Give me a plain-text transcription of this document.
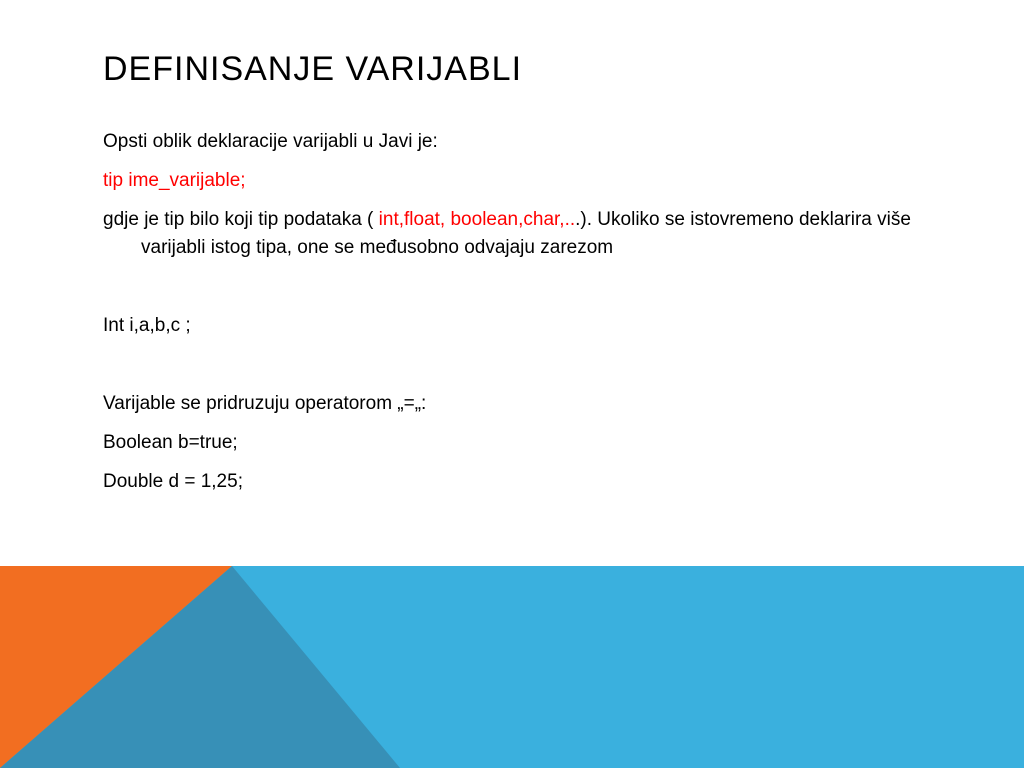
DEFINISANJE VARIJABLI

Opsti oblik deklaracije varijabli u Javi je:

tip ime_varijable;

gdje je tip bilo koji tip podataka ( int,float, boolean,char,...). Ukoliko se istovremeno deklarira više varijabli istog tipa, one se međusobno odvajaju zarezom

Int i,a,b,c ;

Varijable se pridruzuju operatorom „=„:

Boolean b=true;

Double d = 1,25;
